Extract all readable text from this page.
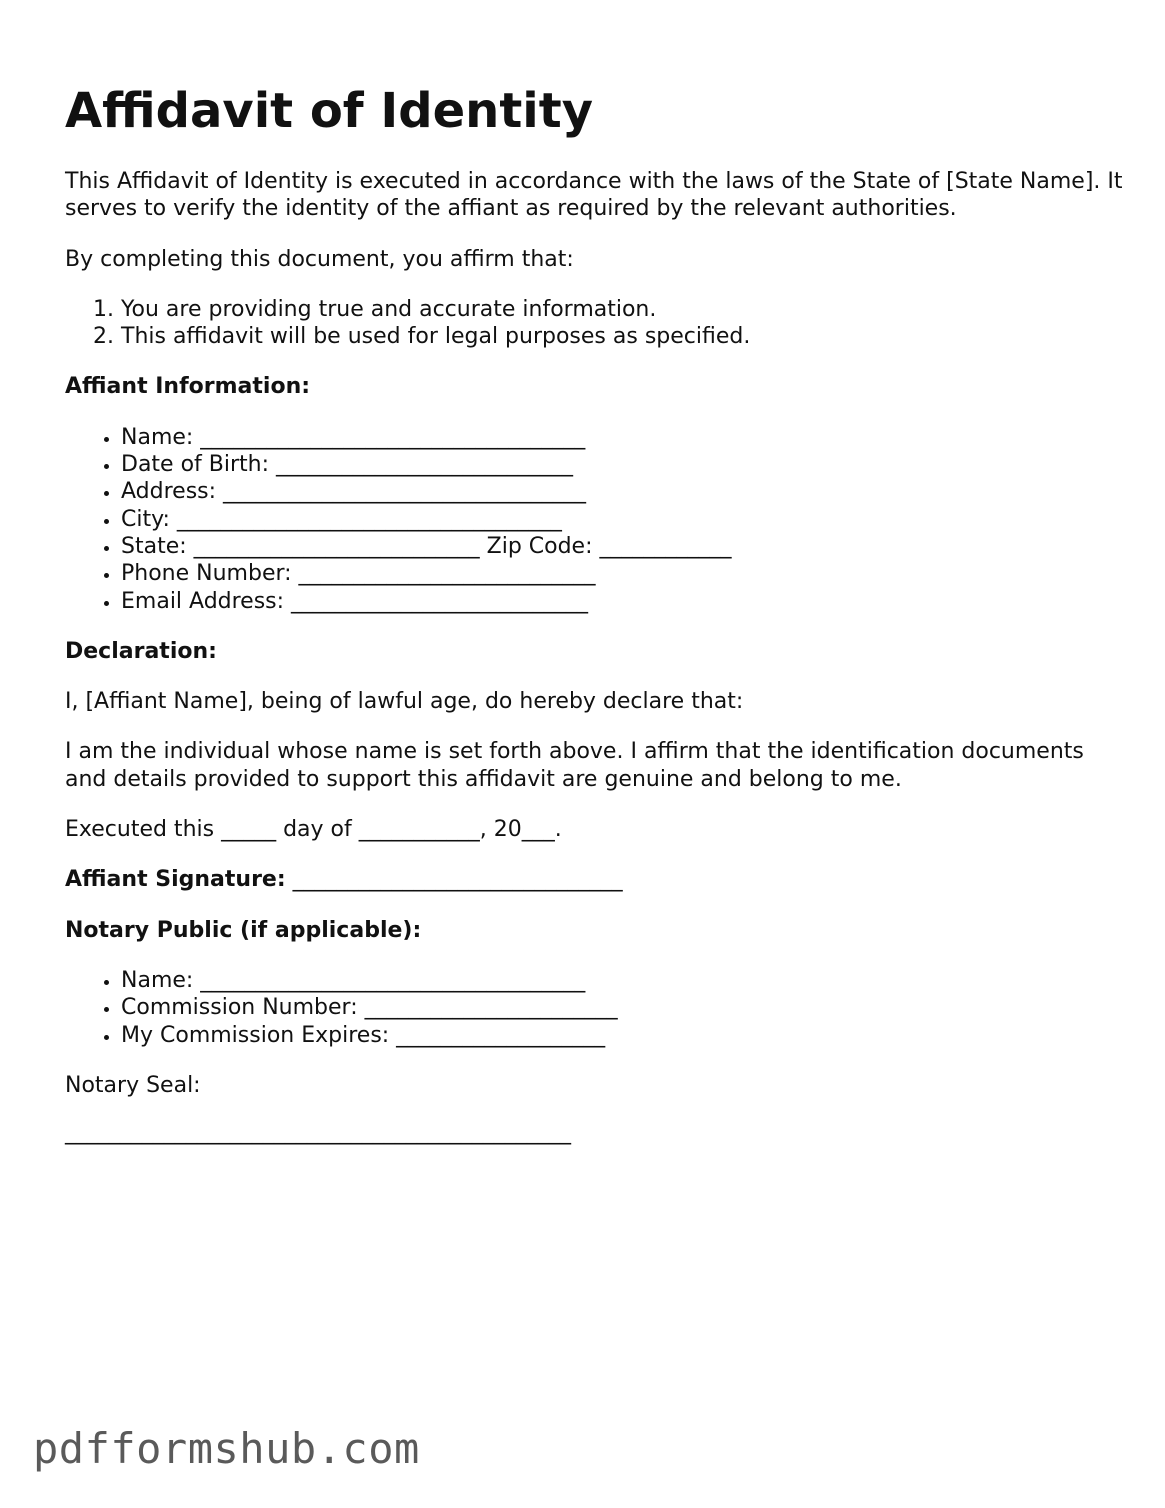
Affidavit of Identity

This Affidavit of Identity is executed in accordance with the laws of the State of [State Name]. It serves to verify the identity of the affiant as required by the relevant authorities.

By completing this document, you affirm that:

1. You are providing true and accurate information.
2. This affidavit will be used for legal purposes as specified.

Affiant Information:

• Name: ___________________________________
• Date of Birth: ___________________________
• Address: _________________________________
• City: ___________________________________
• State: __________________________ Zip Code: ____________
• Phone Number: ___________________________
• Email Address: ___________________________

Declaration:

I, [Affiant Name], being of lawful age, do hereby declare that:

I am the individual whose name is set forth above. I affirm that the identification documents and details provided to support this affidavit are genuine and belong to me.

Executed this _____ day of ___________, 20___.

Affiant Signature: ______________________________

Notary Public (if applicable):

• Name: ___________________________________
• Commission Number: _______________________
• My Commission Expires: ___________________

Notary Seal:
______________________________________________

pdfformshub.com
